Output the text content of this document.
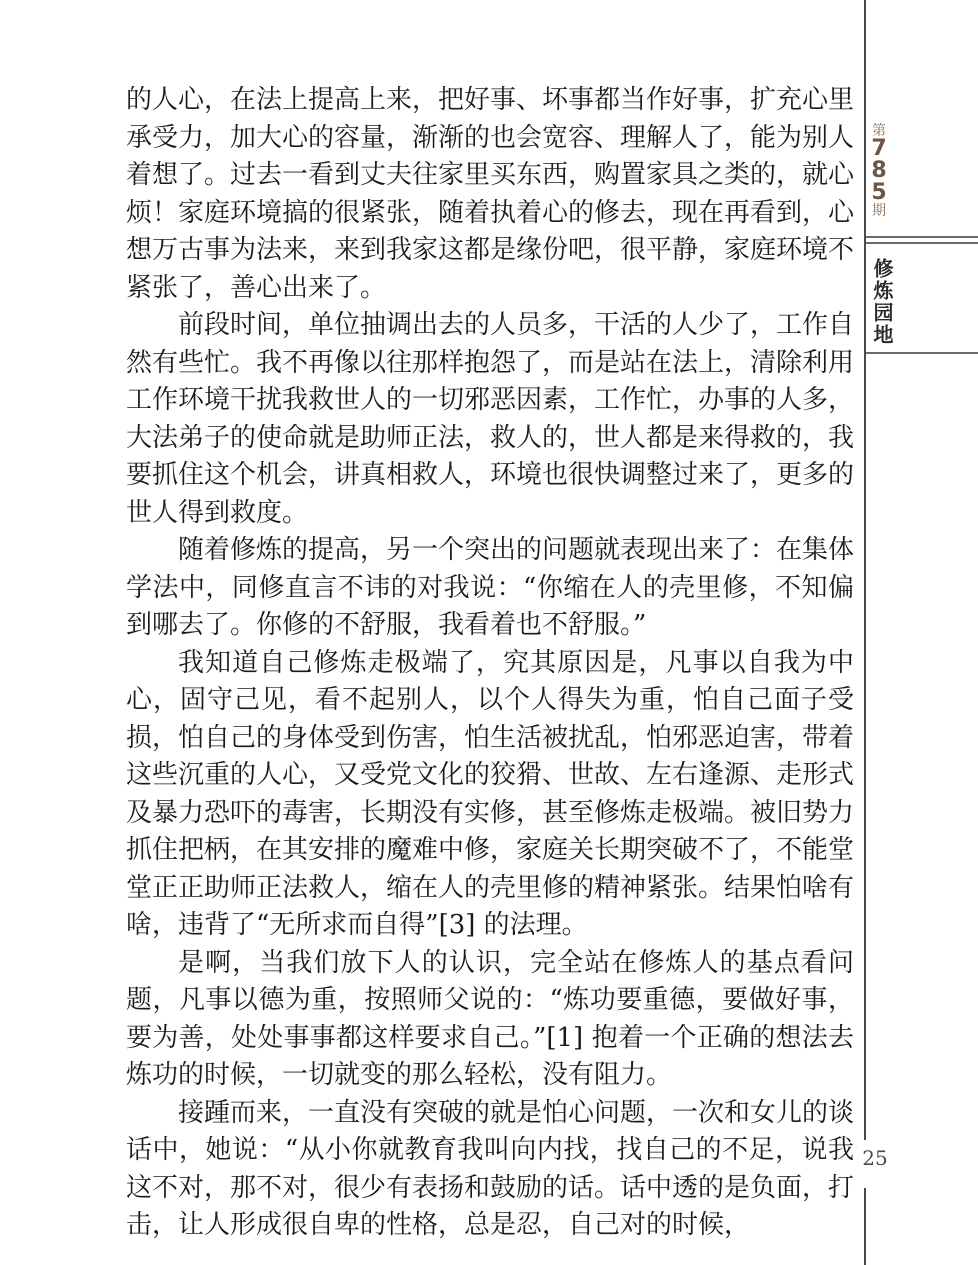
第
7
8
5
期
修炼园地

的人心，在法上提高上来，把好事、坏事都当作好事，扩充心里承受力，加大心的容量，渐渐的也会宽容、理解人了，能为别人着想了。过去一看到丈夫往家里买东西，购置家具之类的，就心烦！家庭环境搞的很紧张，随着执着心的修去，现在再看到，心想万古事为法来，来到我家这都是缘份吧，很平静，家庭环境不紧张了，善心出来了。

前段时间，单位抽调出去的人员多，干活的人少了，工作自然有些忙。我不再像以往那样抱怨了，而是站在法上，清除利用工作环境干扰我救世人的一切邪恶因素，工作忙，办事的人多，大法弟子的使命就是助师正法，救人的，世人都是来得救的，我要抓住这个机会，讲真相救人，环境也很快调整过来了，更多的世人得到救度。

随着修炼的提高，另一个突出的问题就表现出来了：在集体学法中，同修直言不讳的对我说：“你缩在人的壳里修，不知偏到哪去了。你修的不舒服，我看着也不舒服。”

我知道自己修炼走极端了，究其原因是，凡事以自我为中心，固守己见，看不起别人，以个人得失为重，怕自己面子受损，怕自己的身体受到伤害，怕生活被扰乱，怕邪恶迫害，带着这些沉重的人心，又受党文化的狡猾、世故、左右逢源、走形式及暴力恐吓的毒害，长期没有实修，甚至修炼走极端。被旧势力抓住把柄，在其安排的魔难中修，家庭关长期突破不了，不能堂堂正正助师正法救人，缩在人的壳里修的精神紧张。结果怕啥有啥，违背了“无所求而自得”[3] 的法理。

是啊，当我们放下人的认识，完全站在修炼人的基点看问题，凡事以德为重，按照师父说的：“炼功要重德，要做好事，要为善，处处事事都这样要求自己。”[1] 抱着一个正确的想法去炼功的时候，一切就变的那么轻松，没有阻力。

接踵而来，一直没有突破的就是怕心问题，一次和女儿的谈话中，她说：“从小你就教育我叫向内找，找自己的不足，说我这不对，那不对，很少有表扬和鼓励的话。话中透的是负面，打击，让人形成很自卑的性格，总是忍，自己对的时候，

25
